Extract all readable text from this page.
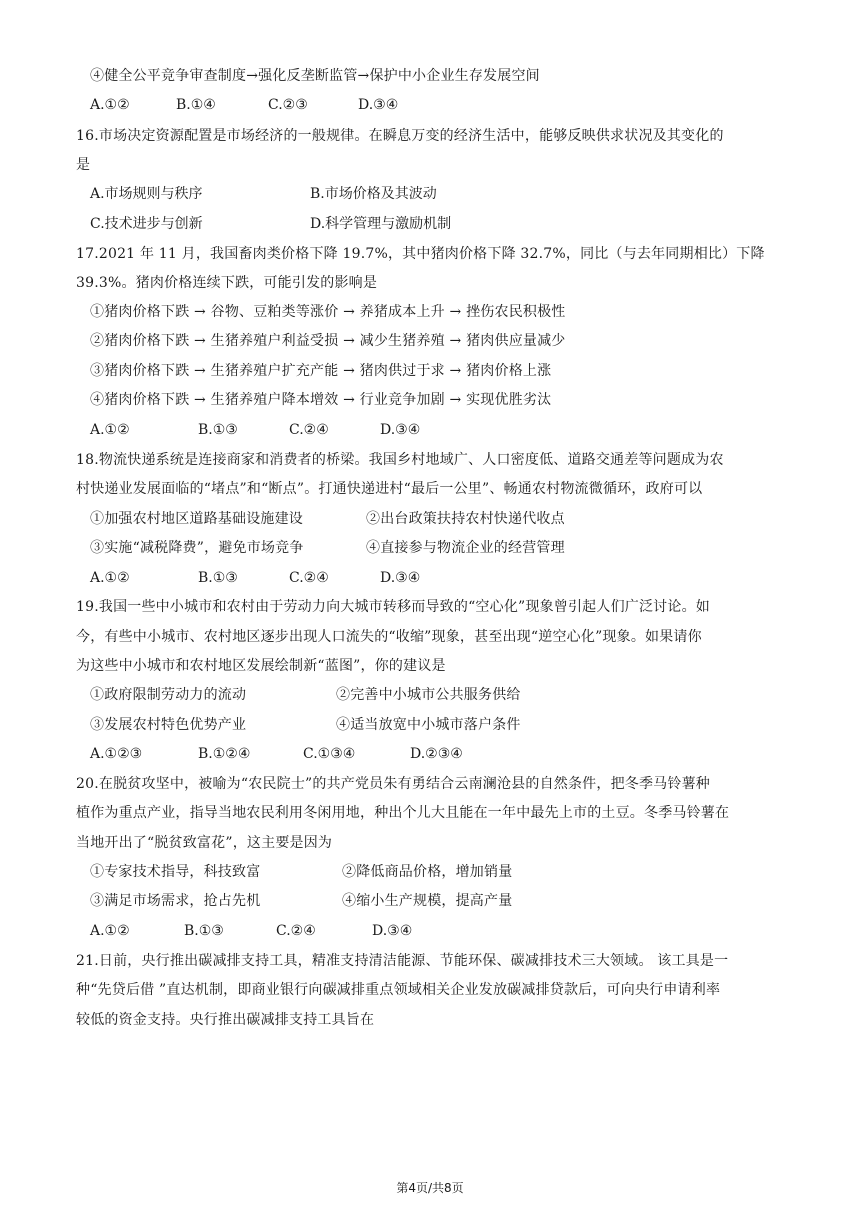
④健全公平竞争审查制度→强化反垄断监管→保护中小企业生存发展空间
A.①②	B.①④	C.②③	D.③④
16.市场决定资源配置是市场经济的一般规律。在瞬息万变的经济生活中，能够反映供求状况及其变化的
是
A.市场规则与秩序	B.市场价格及其波动
C.技术进步与创新	D.科学管理与激励机制
17.2021 年 11 月，我国畜肉类价格下降 19.7%，其中猪肉价格下降 32.7%，同比（与去年同期相比）下降
39.3%。猪肉价格连续下跌，可能引发的影响是
①猪肉价格下跌 → 谷物、豆粕类等涨价 → 养猪成本上升 → 挫伤农民积极性
②猪肉价格下跌 → 生猪养殖户利益受损 → 减少生猪养殖 → 猪肉供应量减少
③猪肉价格下跌 → 生猪养殖户扩充产能 → 猪肉供过于求 → 猪肉价格上涨
④猪肉价格下跌 → 生猪养殖户降本增效 → 行业竞争加剧 → 实现优胜劣汰
A.①②	B.①③	C.②④	D.③④
18.物流快递系统是连接商家和消费者的桥梁。我国乡村地域广、人口密度低、道路交通差等问题成为农
村快递业发展面临的“堵点”和“断点”。打通快递进村“最后一公里”、畅通农村物流微循环，政府可以
①加强农村地区道路基础设施建设	②出台政策扶持农村快递代收点
③实施“减税降费”，避免市场竞争	④直接参与物流企业的经营管理
A.①②	B.①③	C.②④	D.③④
19.我国一些中小城市和农村由于劳动力向大城市转移而导致的“空心化”现象曾引起人们广泛讨论。如
今，有些中小城市、农村地区逐步出现人口流失的“收缩”现象，甚至出现“逆空心化”现象。如果请你
为这些中小城市和农村地区发展绘制新“蓝图”，你的建议是
①政府限制劳动力的流动	②完善中小城市公共服务供给
③发展农村特色优势产业	④适当放宽中小城市落户条件
A.①②③	B.①②④	C.①③④	D.②③④
20.在脱贫攻坚中，被喻为“农民院士”的共产党员朱有勇结合云南澜沧县的自然条件，把冬季马铃薯种
植作为重点产业，指导当地农民利用冬闲用地，种出个儿大且能在一年中最先上市的土豆。冬季马铃薯在
当地开出了“脱贫致富花”，这主要是因为
①专家技术指导，科技致富	②降低商品价格，增加销量
③满足市场需求，抢占先机	④缩小生产规模，提高产量
A.①②	B.①③	C.②④	D.③④
21.日前，央行推出碳减排支持工具，精准支持清洁能源、节能环保、碳减排技术三大领域。 该工具是一
种“先贷后借 ”直达机制，即商业银行向碳减排重点领域相关企业发放碳减排贷款后，可向央行申请利率
较低的资金支持。央行推出碳减排支持工具旨在
第4页/共8页
